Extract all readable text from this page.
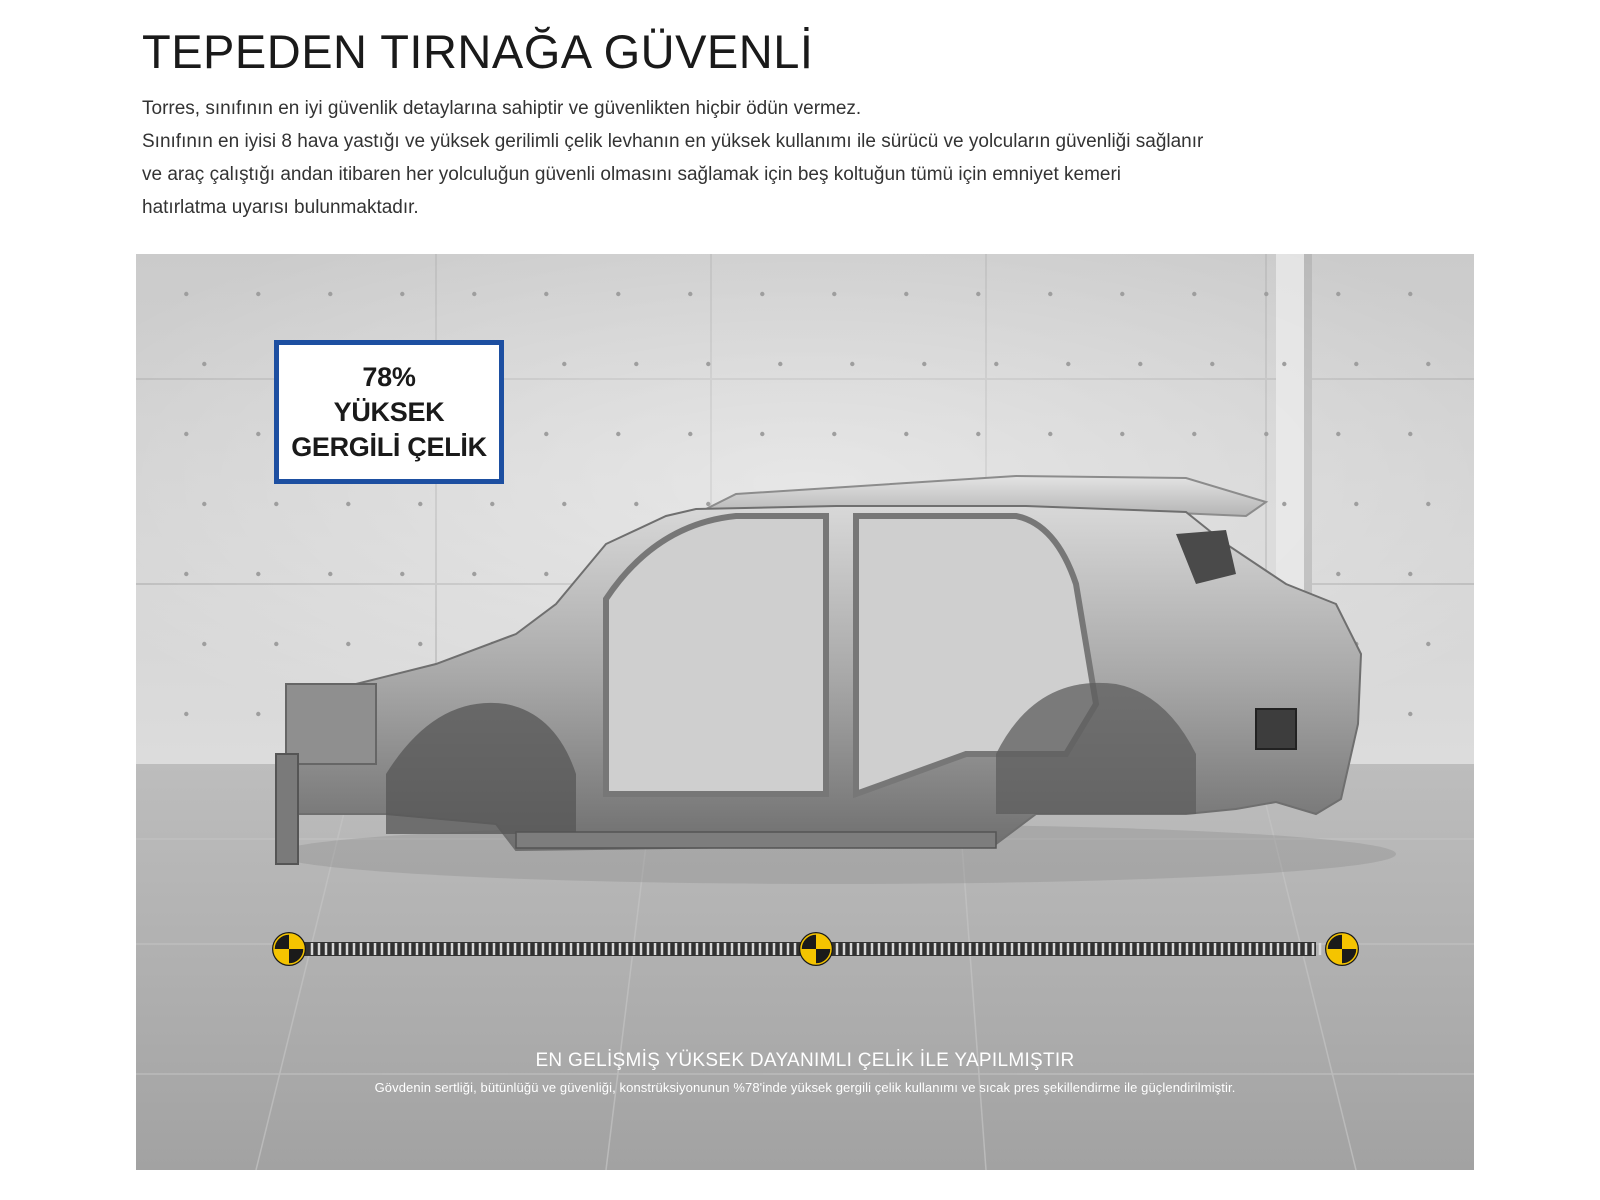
TEPEDEN TIRNAĞA GÜVENLİ

Torres, sınıfının en iyi güvenlik detaylarına sahiptir ve güvenlikten hiçbir ödün vermez.

Sınıfının en iyisi 8 hava yastığı ve yüksek gerilimli çelik levhanın en yüksek kullanımı ile sürücü ve yolcuların güvenliği sağlanır

ve araç çalıştığı andan itibaren her yolculuğun güvenli olmasını sağlamak için beş koltuğun tümü için emniyet kemeri

hatırlatma uyarısı bulunmaktadır.

78%
YÜKSEK
GERGİLİ ÇELİK

EN GELİŞMİŞ YÜKSEK DAYANIMLI ÇELİK İLE YAPILMIŞTIR

Gövdenin sertliği, bütünlüğü ve güvenliği, konstrüksiyonunun %78'inde yüksek gergili çelik kullanımı ve sıcak pres şekillendirme ile güçlendirilmiştir.
